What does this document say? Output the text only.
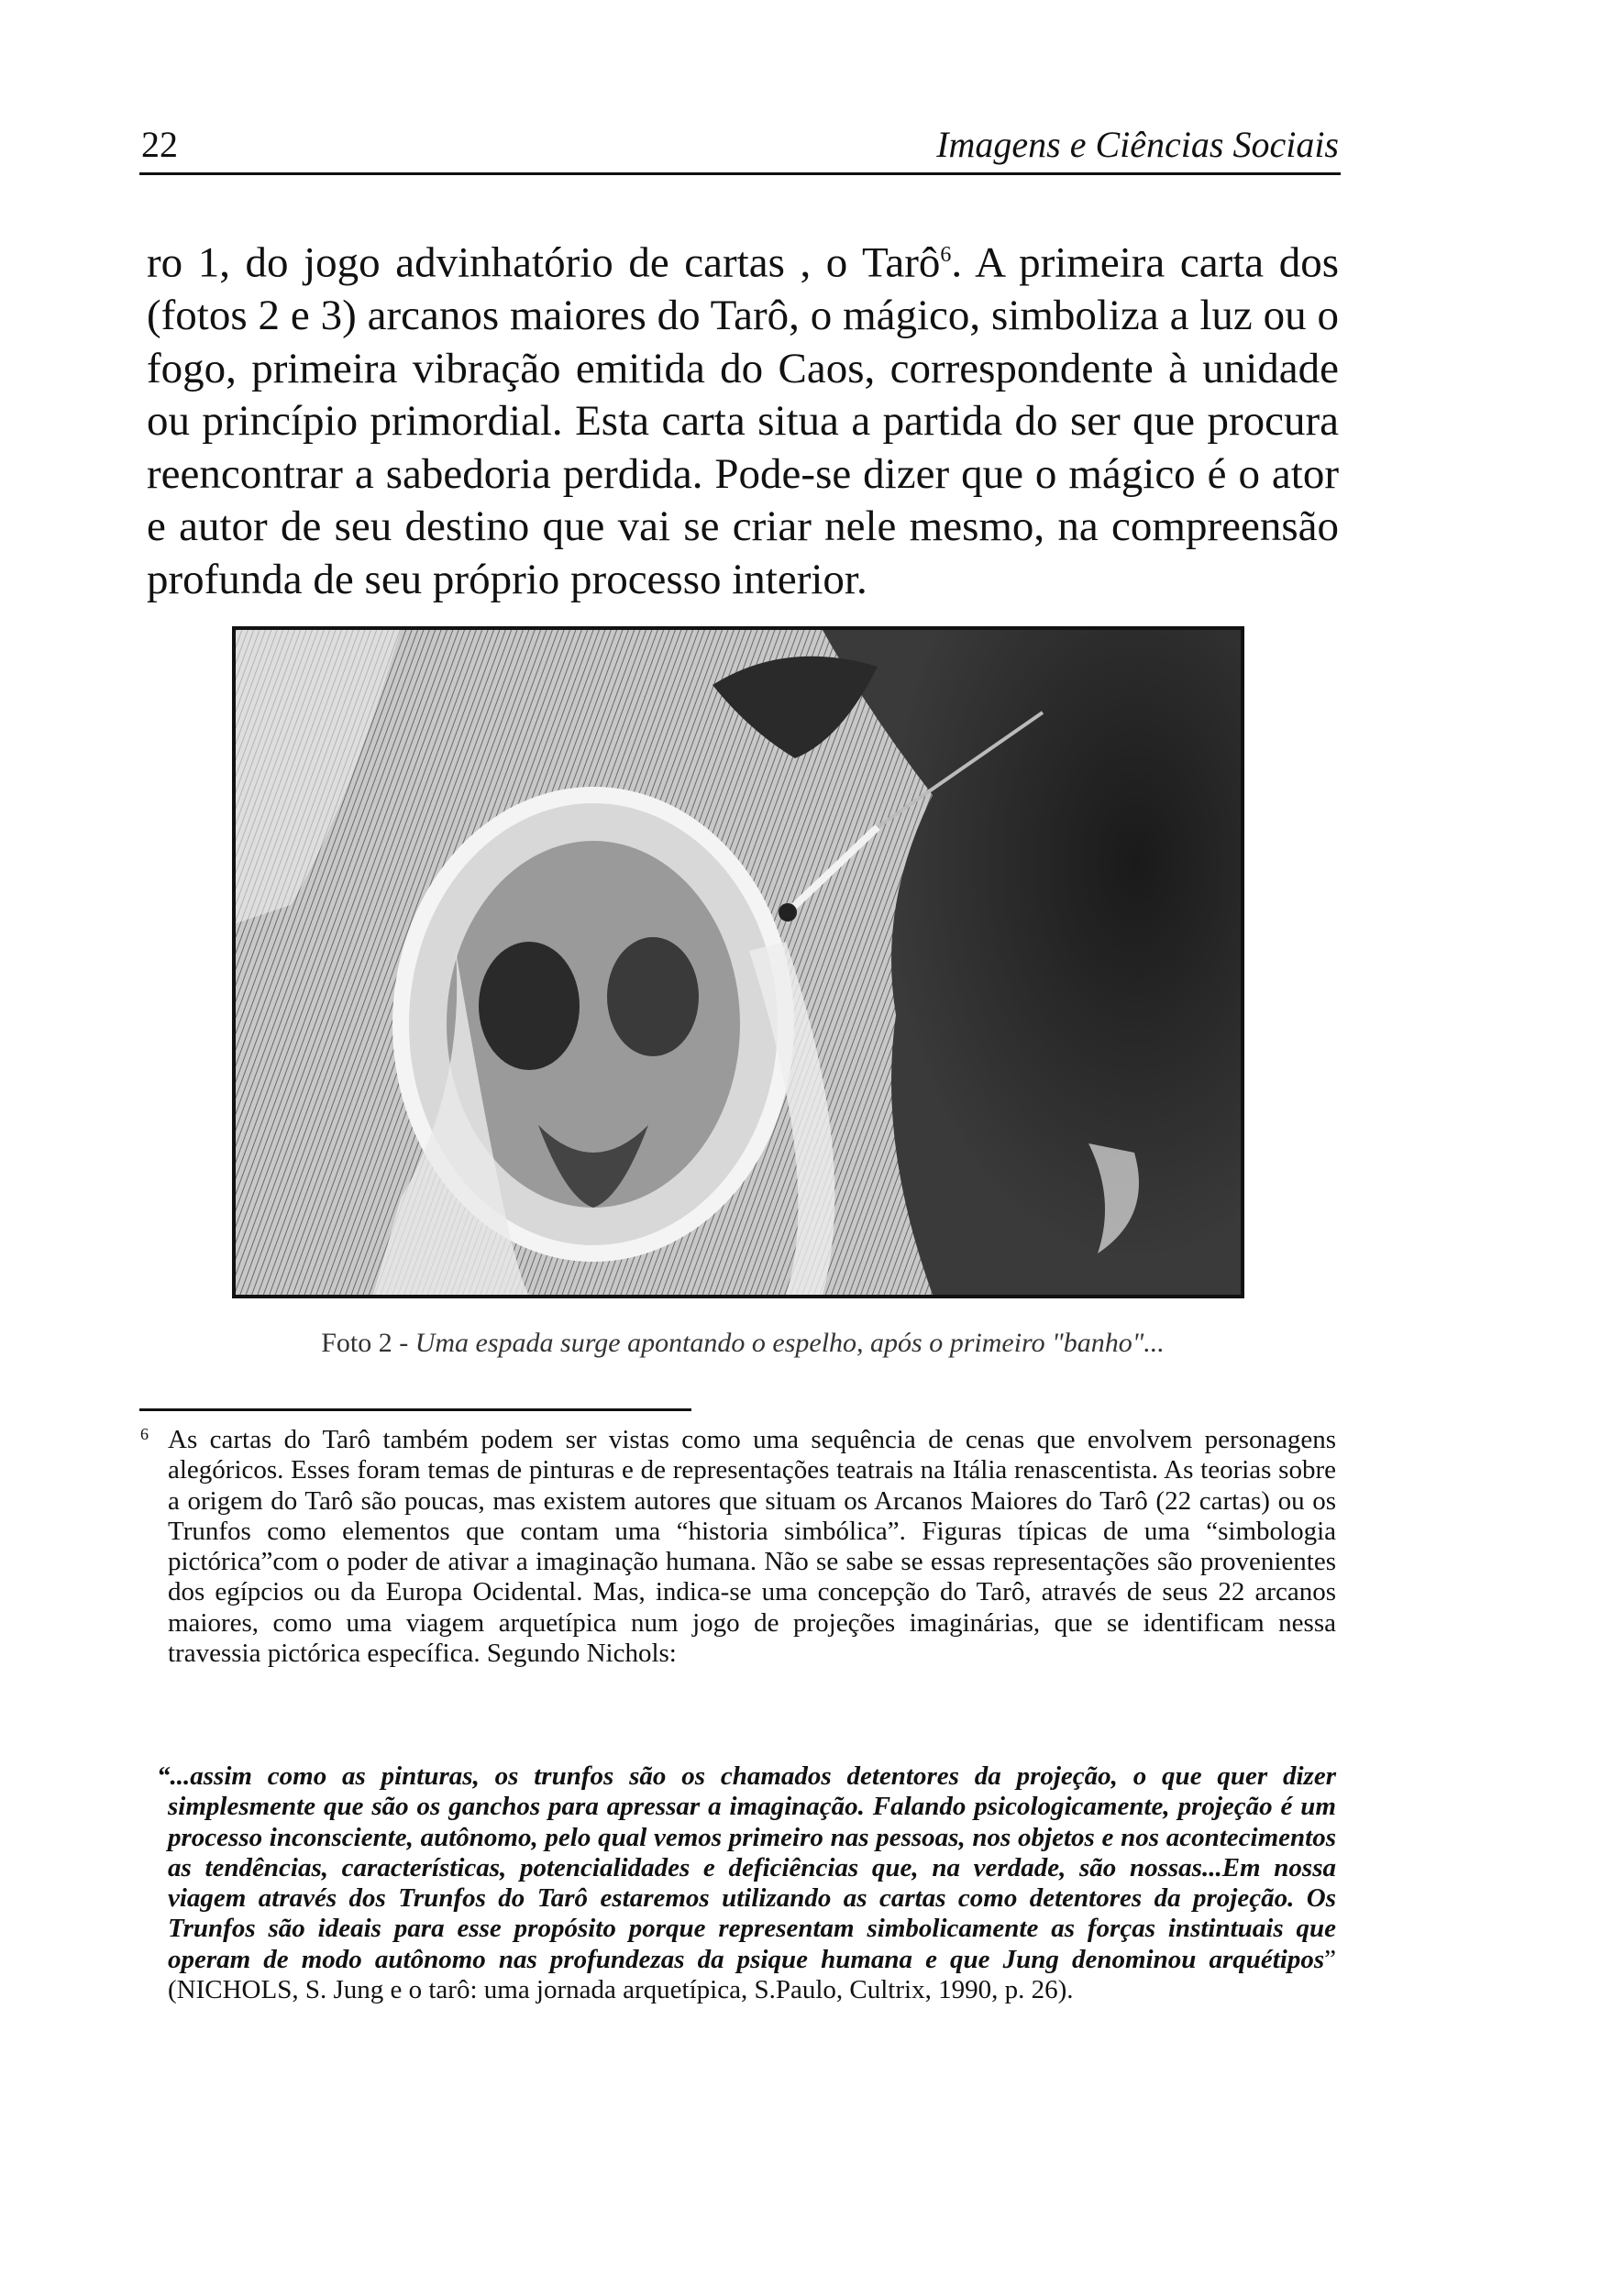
22	Imagens e Ciências Sociais

ro 1, do jogo advinhatório de cartas , o Tarô$^6$. A primeira carta dos (fotos 2 e 3) arcanos maiores do Tarô, o mágico, simboliza a luz ou o fogo, primeira vibração emitida do Caos, correspondente à unidade ou princípio primordial. Esta carta situa a partida do ser que procura reencontrar a sabedoria perdida. Pode-se dizer que o mágico é o ator e autor de seu destino que vai se criar nele mesmo, na compreensão profunda de seu próprio processo interior.

Foto 2 - Uma espada surge apontando o espelho, após o primeiro "banho"...

6 As cartas do Tarô também podem ser vistas como uma sequência de cenas que envolvem personagens alegóricos. Esses foram temas de pinturas e de representações teatrais na Itália renascentista. As teorias sobre a origem do Tarô são poucas, mas existem autores que situam os Arcanos Maiores do Tarô (22 cartas) ou os Trunfos como elementos que contam uma “historia simbólica”. Figuras típicas de uma “simbologia pictórica”com o poder de ativar a imaginação humana. Não se sabe se essas representações são provenientes dos egípcios ou da Europa Ocidental. Mas, indica-se uma concepção do Tarô, através de seus 22 arcanos maiores, como uma viagem arquetípica num jogo de projeções imaginárias, que se identificam nessa travessia pictórica específica. Segundo Nichols:

“...assim como as pinturas, os trunfos são os chamados detentores da projeção, o que quer dizer simplesmente que são os ganchos para apressar a imaginação. Falando psicologicamente, projeção é um processo inconsciente, autônomo, pelo qual vemos primeiro nas pessoas, nos objetos e nos acontecimentos as tendências, características, potencialidades e deficiências que, na verdade, são nossas...Em nossa viagem através dos Trunfos do Tarô estaremos utilizando as cartas como detentores da projeção. Os Trunfos são ideais para esse propósito porque representam simbolicamente as forças instintuais que operam de modo autônomo nas profundezas da psique humana e que Jung denominou arquétipos” (NICHOLS, S. Jung e o tarô: uma jornada arquetípica, S.Paulo, Cultrix, 1990, p. 26).
